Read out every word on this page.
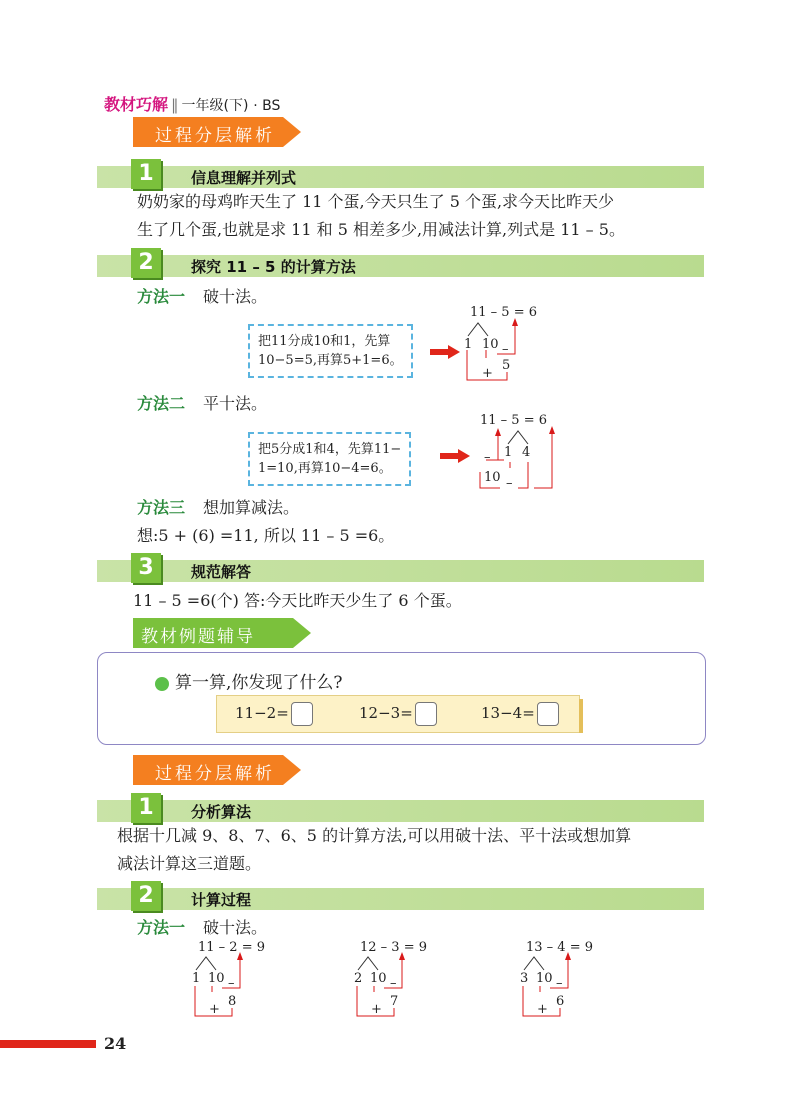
教材巧解 ‖ 一年级(下) · BS
过程分层解析
1	信息理解并列式
奶奶家的母鸡昨天生了 11 个蛋,今天只生了 5 个蛋,求今天比昨天少
生了几个蛋,也就是求 11 和 5 相差多少,用减法计算,列式是 11 – 5。
2	探究 11 – 5 的计算方法
方法一 破十法。
把11分成10和1，先算
10−5=5,再算5+1=6。
11 – 5 = 6
1 10 –
5
+
方法二 平十法。
把5分成1和4，先算11−
1=10,再算10−4=6。
11 – 5 = 6
– 1 4
10 –
方法三 想加算减法。
想:5 + (6) =11, 所以 11 – 5 =6。
3	规范解答
11 – 5 =6(个) 答:今天比昨天少生了 6 个蛋。
教材例题辅导
算一算,你发现了什么?
11−2=	12−3=	13−4=
过程分层解析
1	分析算法
根据十几减 9、8、7、6、5 的计算方法,可以用破十法、平十法或想加算
减法计算这三道题。
2	计算过程
方法一 破十法。
11 – 2 = 9
1 10 –
8
+
12 – 3 = 9
2 10 –
7
+
13 – 4 = 9
3 10 –
6
+
24
